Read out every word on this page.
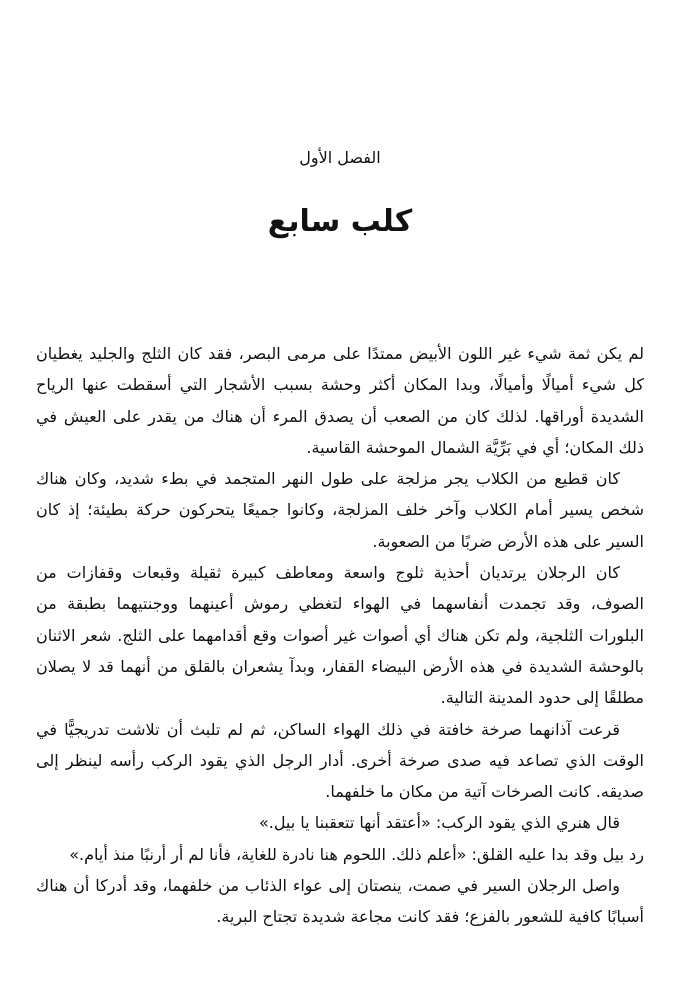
الفصل الأول
كلب سابع

لم يكن ثمة شيء غير اللون الأبيض ممتدًا على مرمى البصر، فقد كان الثلج والجليد يغطيان كل شيء أميالًا وأميالًا، وبدا المكان أكثر وحشة بسبب الأشجار التي أسقطت عنها الرياح الشديدة أوراقها. لذلك كان من الصعب أن يصدق المرء أن هناك من يقدر على العيش في ذلك المكان؛ أي في بَرِّيَّة الشمال الموحشة القاسية.

كان قطيع من الكلاب يجر مزلجة على طول النهر المتجمد في بطء شديد، وكان هناك شخص يسير أمام الكلاب وآخر خلف المزلجة، وكانوا جميعًا يتحركون حركة بطيئة؛ إذ كان السير على هذه الأرض ضربًا من الصعوبة.

كان الرجلان يرتديان أحذية ثلوج واسعة ومعاطف كبيرة ثقيلة وقبعات وقفازات من الصوف، وقد تجمدت أنفاسهما في الهواء لتغطي رموش أعينهما ووجنتيهما بطبقة من البلورات الثلجية، ولم تكن هناك أي أصوات غير أصوات وقع أقدامهما على الثلج. شعر الاثنان بالوحشة الشديدة في هذه الأرض البيضاء القفار، وبدآ يشعران بالقلق من أنهما قد لا يصلان مطلقًا إلى حدود المدينة التالية.

قرعت آذانهما صرخة خافتة في ذلك الهواء الساكن، ثم لم تلبث أن تلاشت تدريجيًّا في الوقت الذي تصاعد فيه صدى صرخة أخرى. أدار الرجل الذي يقود الركب رأسه لينظر إلى صديقه. كانت الصرخات آتية من مكان ما خلفهما.

قال هنري الذي يقود الركب: «أعتقد أنها تتعقبنا يا بيل.»

رد بيل وقد بدا عليه القلق: «أعلم ذلك. اللحوم هنا نادرة للغاية، فأنا لم أر أرنبًا منذ أيام.»

واصل الرجلان السير في صمت، ينصتان إلى عواء الذئاب من خلفهما، وقد أدركا أن هناك أسبابًا كافية للشعور بالفزع؛ فقد كانت مجاعة شديدة تجتاح البرية.
